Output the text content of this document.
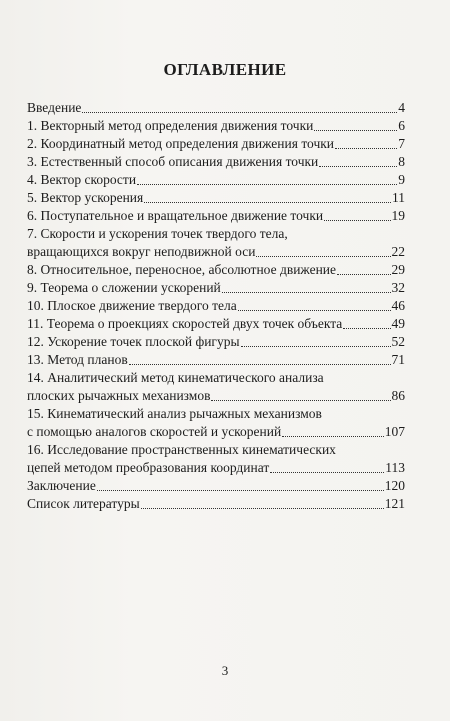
ОГЛАВЛЕНИЕ
Введение	4
1. Векторный метод определения движения точки	6
2. Координатный метод определения движения точки	7
3. Естественный способ описания движения точки	8
4. Вектор скорости	9
5. Вектор ускорения	11
6. Поступательное и вращательное движение точки	19
7. Скорости и ускорения точек твердого тела,
вращающихся вокруг неподвижной оси	22
8. Относительное, переносное, абсолютное движение	29
9. Теорема о сложении ускорений	32
10. Плоское движение твердого тела	46
11. Теорема о проекциях скоростей двух точек объекта	49
12. Ускорение точек плоской фигуры	52
13. Метод планов	71
14. Аналитический метод кинематического анализа
плоских рычажных механизмов	86
15. Кинематический анализ рычажных механизмов
с помощью аналогов скоростей и ускорений	107
16. Исследование пространственных кинематических
цепей методом преобразования координат	113
Заключение	120
Список литературы	121
3
